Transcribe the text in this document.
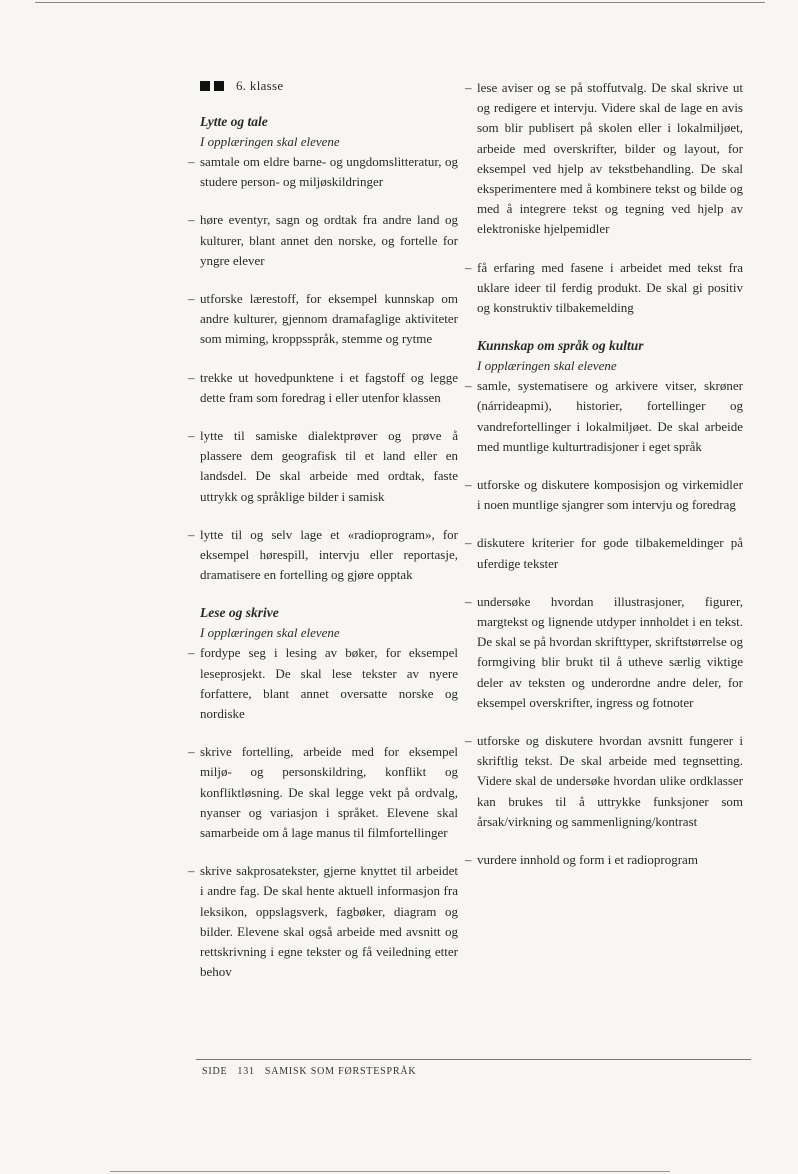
6. klasse
Lytte og tale

I opplæringen skal elevene

– samtale om eldre barne- og ungdomslitteratur, og studere person- og miljøskildringer
– høre eventyr, sagn og ordtak fra andre land og kulturer, blant annet den norske, og fortelle for yngre elever
– utforske lærestoff, for eksempel kunnskap om andre kulturer, gjennom dramafaglige aktiviteter som miming, kroppsspråk, stemme og rytme
– trekke ut hovedpunktene i et fagstoff og legge dette fram som foredrag i eller utenfor klassen
– lytte til samiske dialektprøver og prøve å plassere dem geografisk til et land eller en landsdel. De skal arbeide med ordtak, faste uttrykk og språklige bilder i samisk
– lytte til og selv lage et «radioprogram», for eksempel hørespill, intervju eller reportasje, dramatisere en fortelling og gjøre opptak
Lese og skrive

I opplæringen skal elevene

– fordype seg i lesing av bøker, for eksempel leseprosjekt. De skal lese tekster av nyere forfattere, blant annet oversatte norske og nordiske
– skrive fortelling, arbeide med for eksempel miljø- og personskildring, konflikt og konfliktløsning. De skal legge vekt på ordvalg, nyanser og variasjon i språket. Elevene skal samarbeide om å lage manus til filmfortellinger
– skrive sakprosatekster, gjerne knyttet til arbeidet i andre fag. De skal hente aktuell informasjon fra leksikon, oppslagsverk, fagbøker, diagram og bilder. Elevene skal også arbeide med avsnitt og rettskrivning i egne tekster og få veiledning etter behov
– lese aviser og se på stoffutvalg. De skal skrive ut og redigere et intervju. Videre skal de lage en avis som blir publisert på skolen eller i lokalmiljøet, arbeide med overskrifter, bilder og layout, for eksempel ved hjelp av tekstbehandling. De skal eksperimentere med å kombinere tekst og bilde og med å integrere tekst og tegning ved hjelp av elektroniske hjelpemidler
– få erfaring med fasene i arbeidet med tekst fra uklare ideer til ferdig produkt. De skal gi positiv og konstruktiv tilbakemelding
Kunnskap om språk og kultur

I opplæringen skal elevene

– samle, systematisere og arkivere vitser, skrøner (nárrideapmi), historier, fortellinger og vandrefortellinger i lokalmiljøet. De skal arbeide med muntlige kulturtradisjoner i eget språk
– utforske og diskutere komposisjon og virkemidler i noen muntlige sjangrer som intervju og foredrag
– diskutere kriterier for gode tilbakemeldinger på uferdige tekster
– undersøke hvordan illustrasjoner, figurer, margtekst og lignende utdyper innholdet i en tekst. De skal se på hvordan skrifttyper, skriftstørrelse og formgiving blir brukt til å utheve særlig viktige deler av teksten og underordne andre deler, for eksempel overskrifter, ingress og fotnoter
– utforske og diskutere hvordan avsnitt fungerer i skriftlig tekst. De skal arbeide med tegnsetting. Videre skal de undersøke hvordan ulike ordklasser kan brukes til å uttrykke funksjoner som årsak/virkning og sammenligning/kontrast
– vurdere innhold og form i et radioprogram
SIDE 131 SAMISK SOM FØRSTESPRÅK
